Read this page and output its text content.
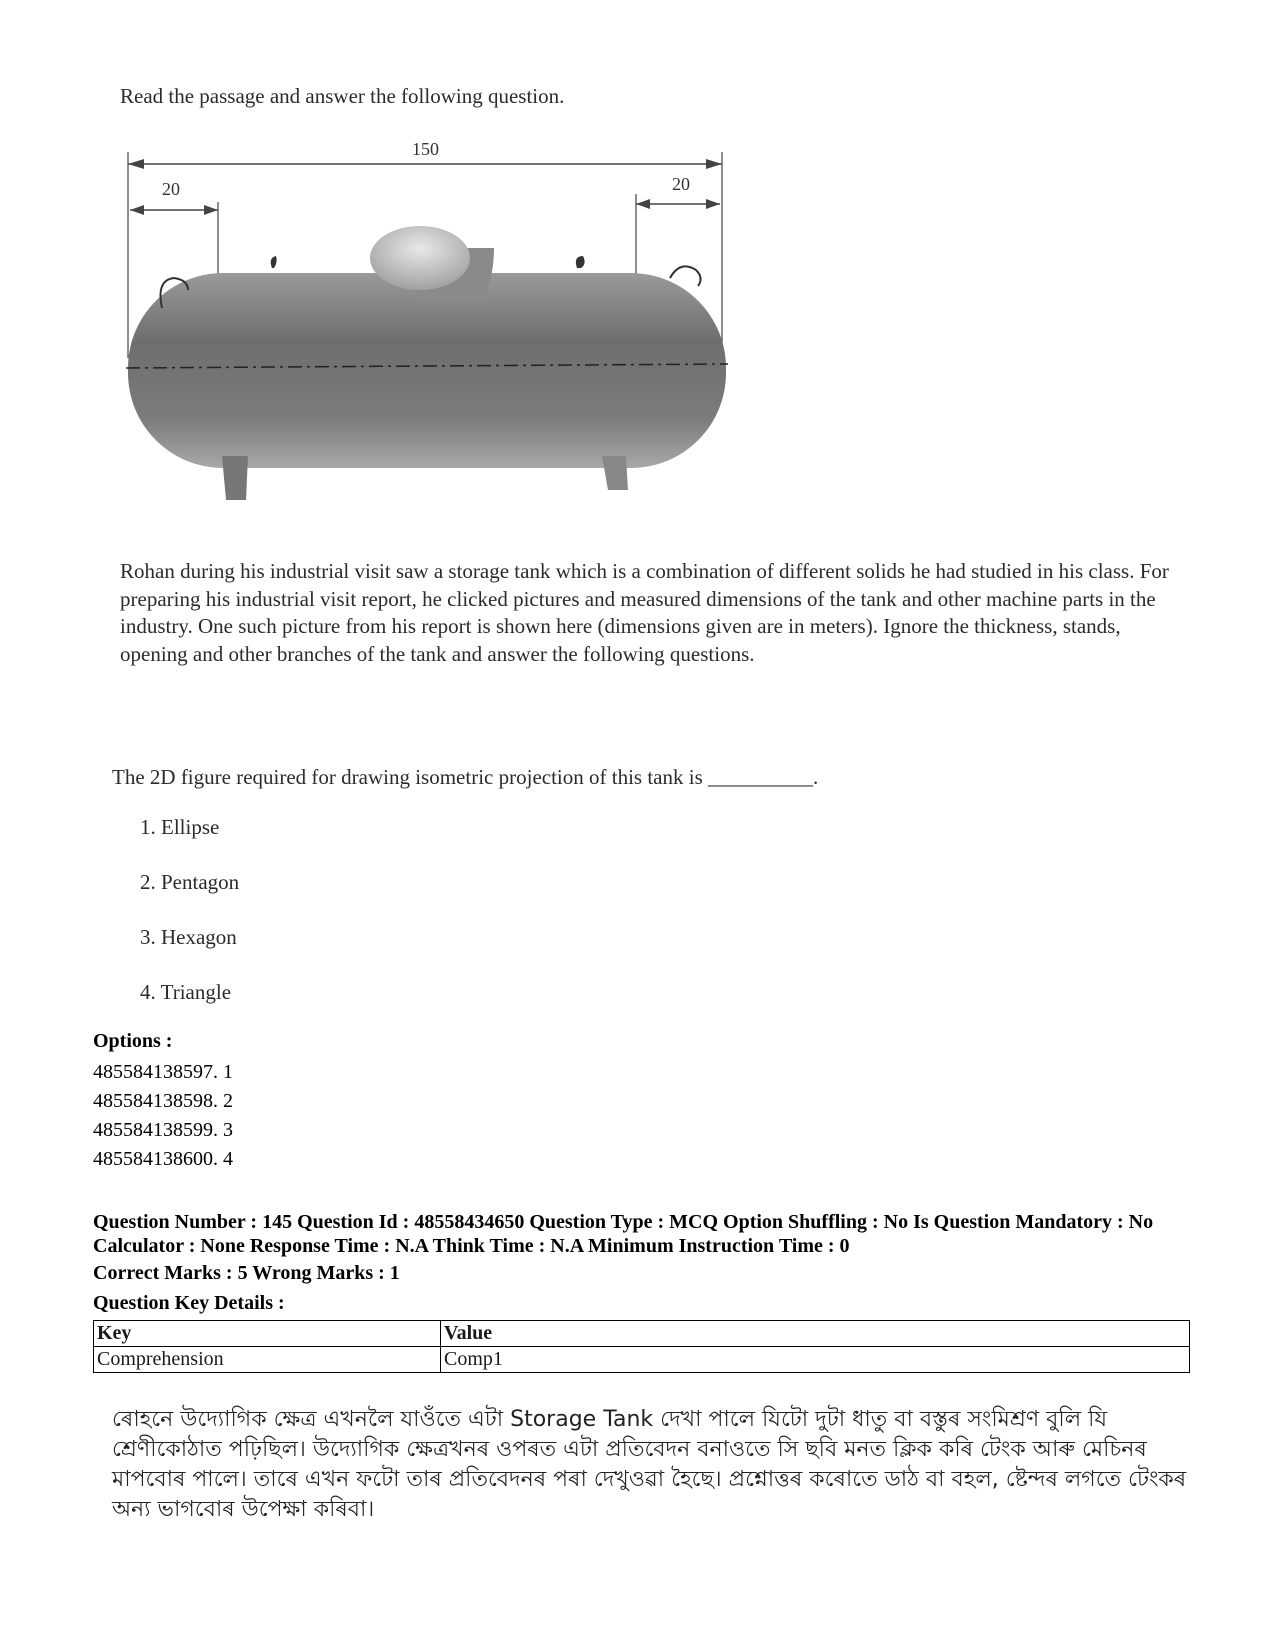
Read the passage and answer the following question.
150
20	20
Rohan during his industrial visit saw a storage tank which is a combination of different solids he had studied in his class. For preparing his industrial visit report, he clicked pictures and measured dimensions of the tank and other machine parts in the industry. One such picture from his report is shown here (dimensions given are in meters). Ignore the thickness, stands, opening and other branches of the tank and answer the following questions.
The 2D figure required for drawing isometric projection of this tank is __________.
1. Ellipse
2. Pentagon
3. Hexagon
4. Triangle
Options :
485584138597. 1
485584138598. 2
485584138599. 3
485584138600. 4
Question Number : 145 Question Id : 48558434650 Question Type : MCQ Option Shuffling : No Is Question Mandatory : No Calculator : None Response Time : N.A Think Time : N.A Minimum Instruction Time : 0
Correct Marks : 5 Wrong Marks : 1
Question Key Details :
Key	Value
Comprehension	Comp1
ৰোহনে উদ্যোগিক ক্ষেত্ৰ এখনলৈ যাওঁতে এটা Storage Tank দেখা পালে যিটো দুটা ধাতু বা বস্তুৰ সংমিশ্ৰণ বুলি যি শ্ৰেণীকোঠাত পঢ়িছিল। উদ্যোগিক ক্ষেত্ৰখনৰ ওপৰত এটা প্ৰতিবেদন বনাওতে সি ছবি মনত ক্লিক কৰি টেংক আৰু মেচিনৰ মাপবোৰ পালে। তাৰে এখন ফটো তাৰ প্ৰতিবেদনৰ পৰা দেখুওৱা হৈছে। প্ৰশ্নোত্তৰ কৰোতে ডাঠ বা বহল, ষ্টেন্দৰ লগতে টেংকৰ অন্য ভাগবোৰ উপেক্ষা কৰিবা।
